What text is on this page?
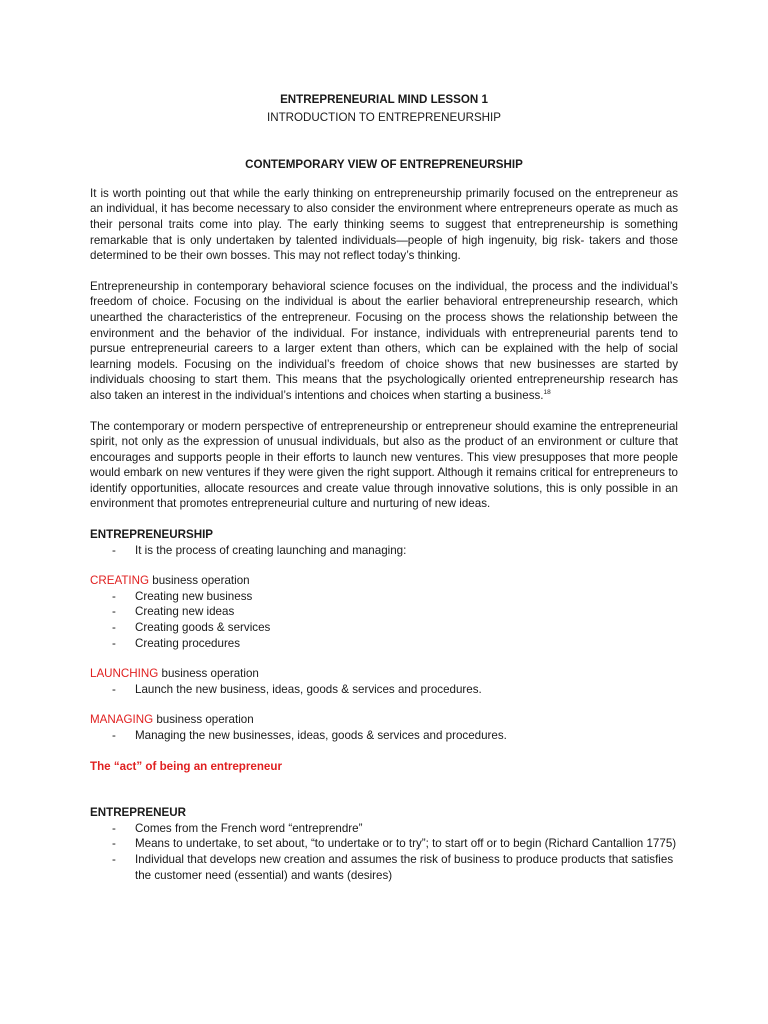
ENTREPRENEURIAL MIND LESSON 1
INTRODUCTION TO ENTREPRENEURSHIP
CONTEMPORARY VIEW OF ENTREPRENEURSHIP

It is worth pointing out that while the early thinking on entrepreneurship primarily focused on the entrepreneur as an individual, it has become necessary to also consider the environment where entrepreneurs operate as much as their personal traits come into play. The early thinking seems to suggest that entrepreneurship is something remarkable that is only undertaken by talented individuals—people of high ingenuity, big risk- takers and those determined to be their own bosses. This may not reflect today’s thinking.

Entrepreneurship in contemporary behavioral science focuses on the individual, the process and the individual’s freedom of choice. Focusing on the individual is about the earlier behavioral entrepreneurship research, which unearthed the characteristics of the entrepreneur. Focusing on the process shows the relationship between the environment and the behavior of the individual. For instance, individuals with entrepreneurial parents tend to pursue entrepreneurial careers to a larger extent than others, which can be explained with the help of social learning models. Focusing on the individual’s freedom of choice shows that new businesses are started by individuals choosing to start them. This means that the psychologically oriented entrepreneurship research has also taken an interest in the individual’s intentions and choices when starting a business.$^{18}$

The contemporary or modern perspective of entrepreneurship or entrepreneur should examine the entrepreneurial spirit, not only as the expression of unusual individuals, but also as the product of an environment or culture that encourages and supports people in their efforts to launch new ventures. This view presupposes that more people would embark on new ventures if they were given the right support. Although it remains critical for entrepreneurs to identify opportunities, allocate resources and create value through innovative solutions, this is only possible in an environment that promotes entrepreneurial culture and nurturing of new ideas.

ENTREPRENEURSHIP
- It is the process of creating launching and managing:
CREATING business operation
- Creating new business
- Creating new ideas
- Creating goods & services
- Creating procedures
LAUNCHING business operation
- Launch the new business, ideas, goods & services and procedures.
MANAGING business operation
- Managing the new businesses, ideas, goods & services and procedures.
The “act” of being an entrepreneur
ENTREPRENEUR
- Comes from the French word “entreprendre”
- Means to undertake, to set about, “to undertake or to try”; to start off or to begin (Richard Cantallion 1775)
- Individual that develops new creation and assumes the risk of business to produce products that satisfies the customer need (essential) and wants (desires)
